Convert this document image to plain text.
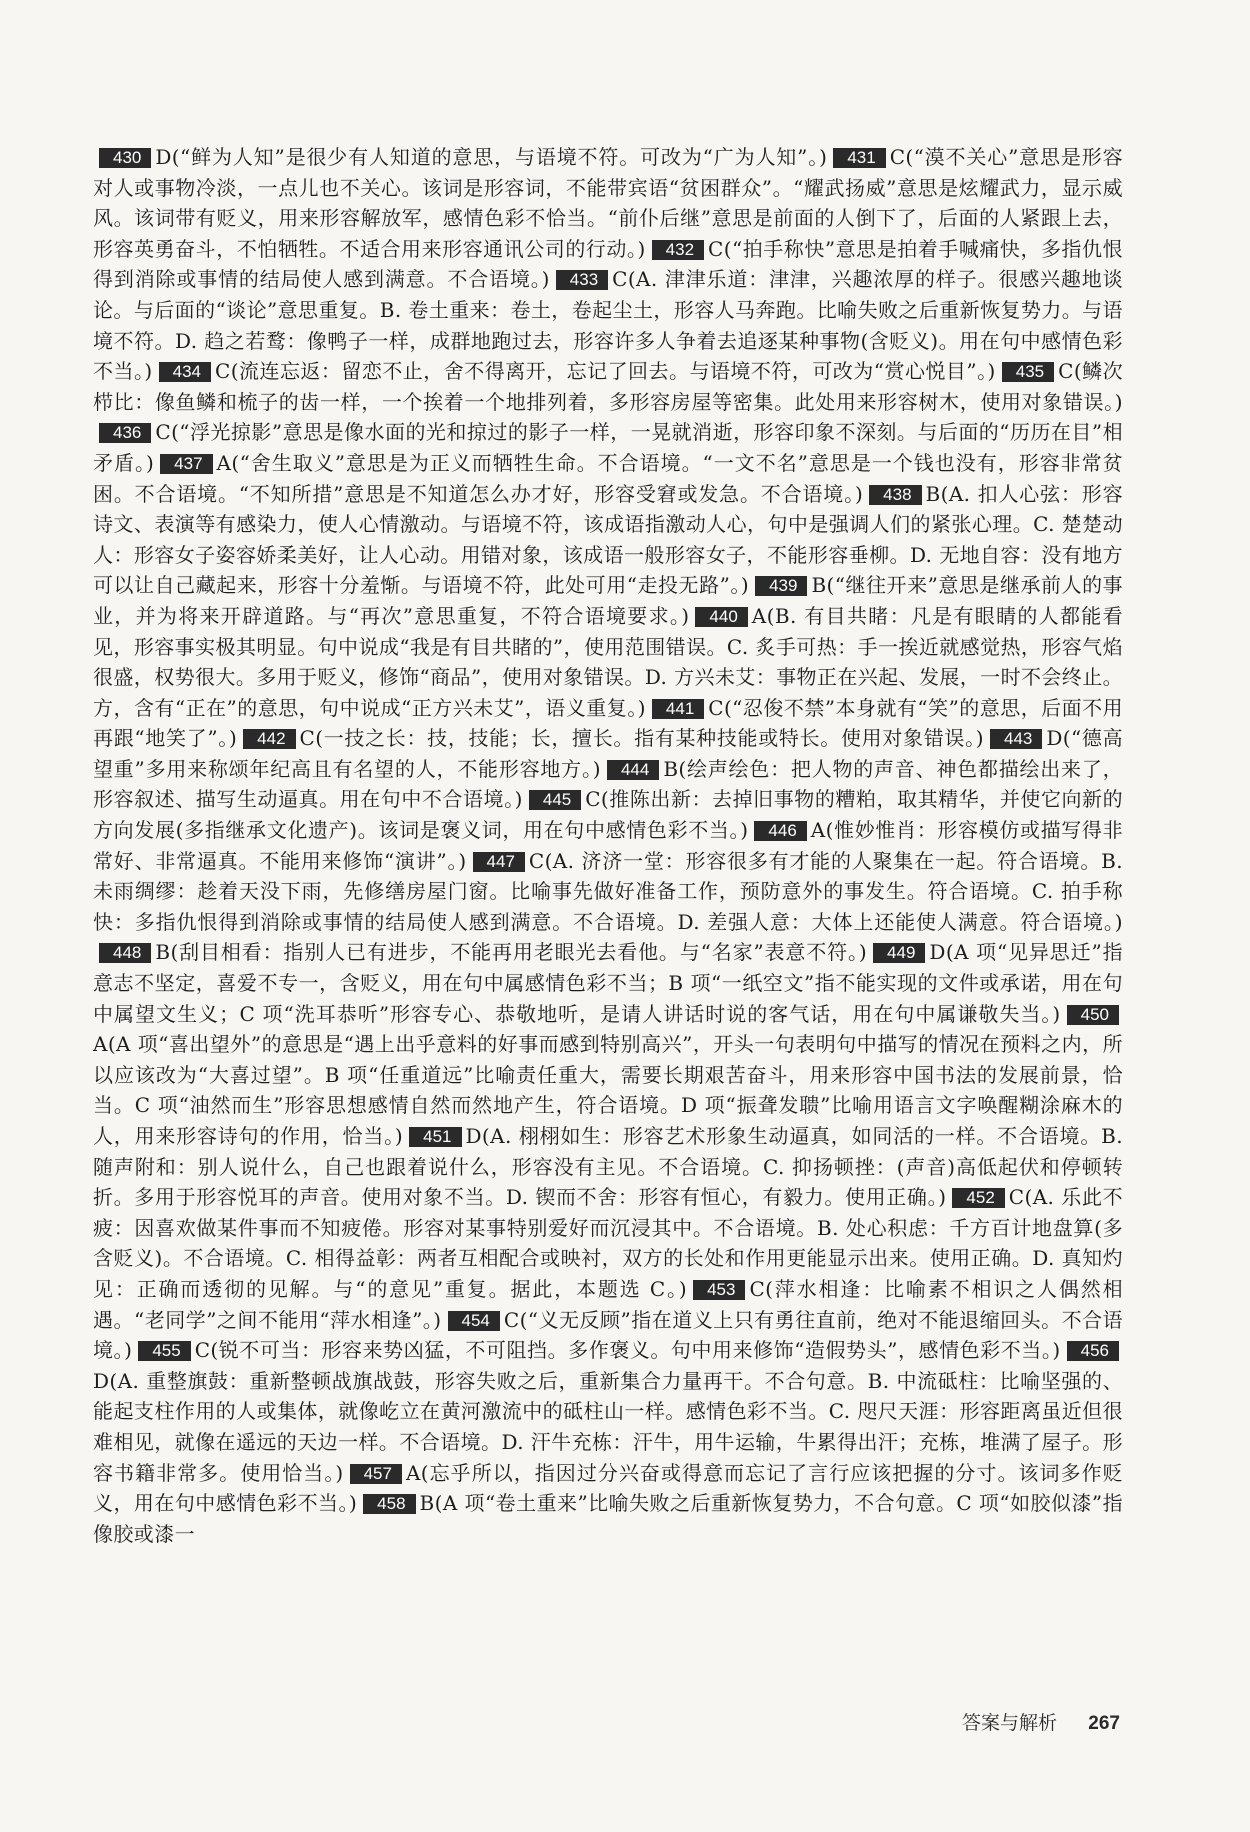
430 D(“鲜为人知”是很少有人知道的意思，与语境不符。可改为“广为人知”。) 431 C(“漠不关心”意思是形容对人或事物冷淡，一点儿也不关心。该词是形容词，不能带宾语“贫困群众”。“耀武扬威”意思是炫耀武力，显示威风。该词带有贬义，用来形容解放军，感情色彩不恰当。“前仆后继”意思是前面的人倒下了，后面的人紧跟上去，形容英勇奋斗，不怕牺牲。不适合用来形容通讯公司的行动。) 432 C(“拍手称快”意思是拍着手喊痛快，多指仇恨得到消除或事情的结局使人感到满意。不合语境。) 433 C(A. 津津乐道：津津，兴趣浓厚的样子。很感兴趣地谈论。与后面的“谈论”意思重复。B. 卷土重来：卷土，卷起尘土，形容人马奔跑。比喻失败之后重新恢复势力。与语境不符。D. 趋之若鹜：像鸭子一样，成群地跑过去，形容许多人争着去追逐某种事物(含贬义)。用在句中感情色彩不当。) 434 C(流连忘返：留恋不止，舍不得离开，忘记了回去。与语境不符，可改为“赏心悦目”。) 435 C(鳞次栉比：像鱼鳞和梳子的齿一样，一个挨着一个地排列着，多形容房屋等密集。此处用来形容树木，使用对象错误。)436 C(“浮光掠影”意思是像水面的光和掠过的影子一样，一晃就消逝，形容印象不深刻。与后面的“历历在目”相矛盾。) 437 A(“舍生取义”意思是为正义而牺牲生命。不合语境。“一文不名”意思是一个钱也没有，形容非常贫困。不合语境。“不知所措”意思是不知道怎么办才好，形容受窘或发急。不合语境。) 438 B(A. 扣人心弦：形容诗文、表演等有感染力，使人心情激动。与语境不符，该成语指激动人心，句中是强调人们的紧张心理。C. 楚楚动人：形容女子姿容娇柔美好，让人心动。用错对象，该成语一般形容女子，不能形容垂柳。D. 无地自容：没有地方可以让自己藏起来，形容十分羞惭。与语境不符，此处可用“走投无路”。) 439 B(“继往开来”意思是继承前人的事业，并为将来开辟道路。与“再次”意思重复，不符合语境要求。) 440 A(B. 有目共睹：凡是有眼睛的人都能看见，形容事实极其明显。句中说成“我是有目共睹的”，使用范围错误。C. 炙手可热：手一挨近就感觉热，形容气焰很盛，权势很大。多用于贬义，修饰“商品”，使用对象错误。D. 方兴未艾：事物正在兴起、发展，一时不会终止。方，含有“正在”的意思，句中说成“正方兴未艾”，语义重复。) 441 C(“忍俊不禁”本身就有“笑”的意思，后面不用再跟“地笑了”。) 442 C(一技之长：技，技能；长，擅长。指有某种技能或特长。使用对象错误。) 443 D(“德高望重”多用来称颂年纪高且有名望的人，不能形容地方。) 444 B(绘声绘色：把人物的声音、神色都描绘出来了，形容叙述、描写生动逼真。用在句中不合语境。) 445 C(推陈出新：去掉旧事物的糟粕，取其精华，并使它向新的方向发展(多指继承文化遗产)。该词是褒义词，用在句中感情色彩不当。) 446 A(惟妙惟肖：形容模仿或描写得非常好、非常逼真。不能用来修饰“演讲”。) 447 C(A. 济济一堂：形容很多有才能的人聚集在一起。符合语境。B. 未雨绸缪：趁着天没下雨，先修缮房屋门窗。比喻事先做好准备工作，预防意外的事发生。符合语境。C. 拍手称快：多指仇恨得到消除或事情的结局使人感到满意。不合语境。D. 差强人意：大体上还能使人满意。符合语境。)448 B(刮目相看：指别人已有进步，不能再用老眼光去看他。与“名家”表意不符。) 449 D(A 项“见异思迁”指意志不坚定，喜爱不专一，含贬义，用在句中属感情色彩不当；B 项“一纸空文”指不能实现的文件或承诺，用在句中属望文生义；C 项“洗耳恭听”形容专心、恭敬地听，是请人讲话时说的客气话，用在句中属谦敬失当。) 450A(A 项“喜出望外”的意思是“遇上出乎意料的好事而感到特别高兴”，开头一句表明句中描写的情况在预料之内，所以应该改为“大喜过望”。B 项“任重道远”比喻责任重大，需要长期艰苦奋斗，用来形容中国书法的发展前景，恰当。C 项“油然而生”形容思想感情自然而然地产生，符合语境。D 项“振聋发聩”比喻用语言文字唤醒糊涂麻木的人，用来形容诗句的作用，恰当。) 451 D(A. 栩栩如生：形容艺术形象生动逼真，如同活的一样。不合语境。B. 随声附和：别人说什么，自己也跟着说什么，形容没有主见。不合语境。C. 抑扬顿挫：(声音)高低起伏和停顿转折。多用于形容悦耳的声音。使用对象不当。D. 锲而不舍：形容有恒心，有毅力。使用正确。) 452 C(A. 乐此不疲：因喜欢做某件事而不知疲倦。形容对某事特别爱好而沉浸其中。不合语境。B. 处心积虑：千方百计地盘算(多含贬义)。不合语境。C. 相得益彰：两者互相配合或映衬，双方的长处和作用更能显示出来。使用正确。D. 真知灼见：正确而透彻的见解。与“的意见”重复。据此，本题选 C。) 453 C(萍水相逢：比喻素不相识之人偶然相遇。“老同学”之间不能用“萍水相逢”。) 454 C(“义无反顾”指在道义上只有勇往直前，绝对不能退缩回头。不合语境。) 455 C(锐不可当：形容来势凶猛，不可阻挡。多作褒义。句中用来修饰“造假势头”，感情色彩不当。) 456D(A. 重整旗鼓：重新整顿战旗战鼓，形容失败之后，重新集合力量再干。不合句意。B. 中流砥柱：比喻坚强的、能起支柱作用的人或集体，就像屹立在黄河激流中的砥柱山一样。感情色彩不当。C. 咫尺天涯：形容距离虽近但很难相见，就像在遥远的天边一样。不合语境。D. 汗牛充栋：汗牛，用牛运输，牛累得出汗；充栋，堆满了屋子。形容书籍非常多。使用恰当。) 457 A(忘乎所以，指因过分兴奋或得意而忘记了言行应该把握的分寸。该词多作贬义，用在句中感情色彩不当。) 458 B(A 项“卷土重来”比喻失败之后重新恢复势力，不合句意。C 项“如胶似漆”指像胶或漆一
答案与解析 267
